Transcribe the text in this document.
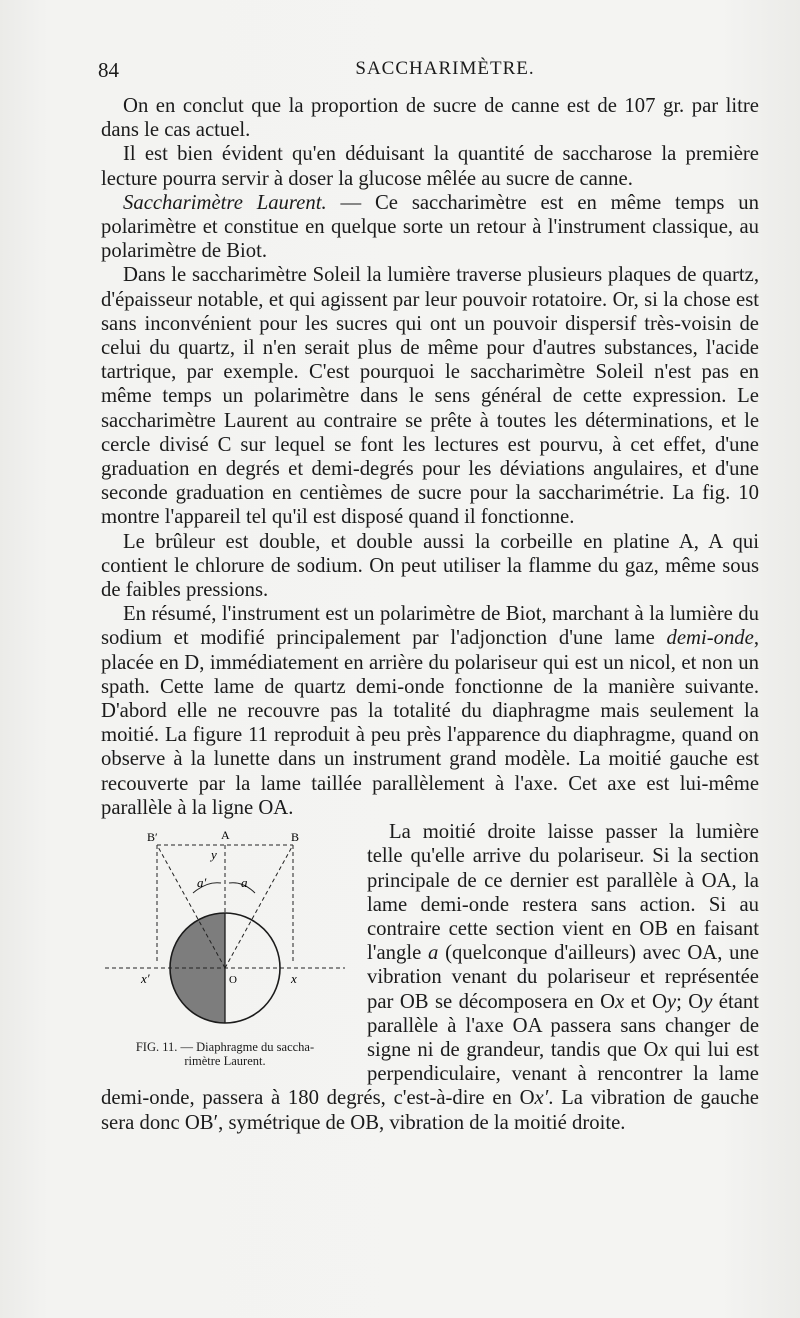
84	SACCHARIMÈTRE.

On en conclut que la proportion de sucre de canne est de 107 gr. par litre dans le cas actuel.

Il est bien évident qu'en déduisant la quantité de saccharose la première lecture pourra servir à doser la glucose mêlée au sucre de canne.

Saccharimètre Laurent. — Ce saccharimètre est en même temps un polarimètre et constitue en quelque sorte un retour à l'instrument classique, au polarimètre de Biot.

Dans le saccharimètre Soleil la lumière traverse plusieurs plaques de quartz, d'épaisseur notable, et qui agissent par leur pouvoir rotatoire. Or, si la chose est sans inconvénient pour les sucres qui ont un pouvoir dispersif très-voisin de celui du quartz, il n'en serait plus de même pour d'autres substances, l'acide tartrique, par exemple. C'est pourquoi le saccharimètre Soleil n'est pas en même temps un polarimètre dans le sens général de cette expression. Le saccharimètre Laurent au contraire se prête à toutes les déterminations, et le cercle divisé C sur lequel se font les lectures est pourvu, à cet effet, d'une graduation en degrés et demi-degrés pour les déviations angulaires, et d'une seconde graduation en centièmes de sucre pour la saccharimétrie. La fig. 10 montre l'appareil tel qu'il est disposé quand il fonctionne.

Le brûleur est double, et double aussi la corbeille en platine A, A qui contient le chlorure de sodium. On peut utiliser la flamme du gaz, même sous de faibles pressions.

En résumé, l'instrument est un polarimètre de Biot, marchant à la lumière du sodium et modifié principalement par l'adjonction d'une lame demi-onde, placée en D, immédiatement en arrière du polariseur qui est un nicol, et non un spath. Cette lame de quartz demi-onde fonctionne de la manière suivante. D'abord elle ne recouvre pas la totalité du diaphragme mais seulement la moitié. La figure 11 reproduit à peu près l'apparence du diaphragme, quand on observe à la lunette dans un instrument grand modèle. La moitié gauche est recouverte par la lame taillée parallèlement à l'axe. Cet axe est lui-même parallèle à la ligne OA.

B′	A	B
y
a′	a
x′	O	x
FIG. 11. — Diaphragme du saccha-
rimètre Laurent.

La moitié droite laisse passer la lumière telle qu'elle arrive du polariseur. Si la section principale de ce dernier est parallèle à OA, la lame demi-onde restera sans action. Si au contraire cette section vient en OB en faisant l'angle a (quelconque d'ailleurs) avec OA, une vibration venant du polariseur et représentée par OB se décomposera en Ox et Oy; Oy étant parallèle à l'axe OA passera sans changer de signe ni de grandeur, tandis que Ox qui lui est perpendiculaire, venant à rencontrer la lame demi-onde, passera à 180 degrés, c'est-à-dire en Ox′. La vibration de gauche sera donc OB′, symétrique de OB, vibration de la moitié droite.
